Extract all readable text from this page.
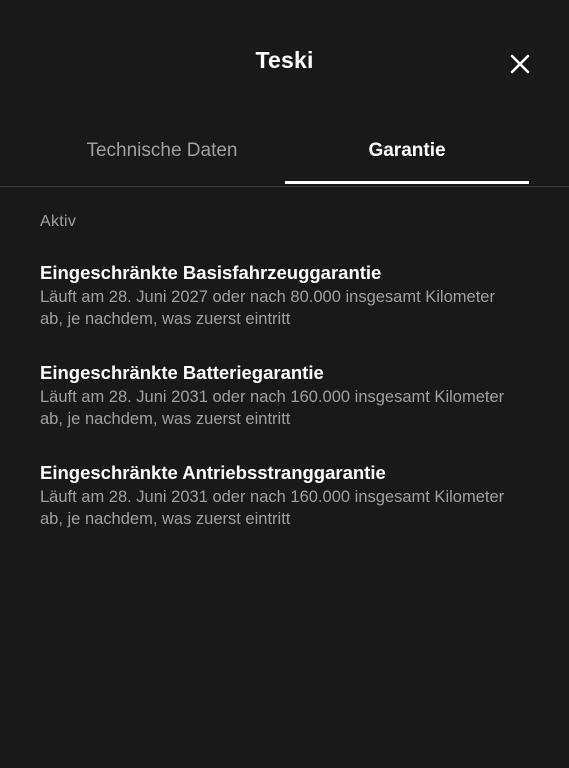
Teski
Technische Daten	Garantie
Aktiv
Eingeschränkte Basisfahrzeuggarantie
Läuft am 28. Juni 2027 oder nach 80.000 insgesamt Kilometer ab, je nachdem, was zuerst eintritt
Eingeschränkte Batteriegarantie
Läuft am 28. Juni 2031 oder nach 160.000 insgesamt Kilometer ab, je nachdem, was zuerst eintritt
Eingeschränkte Antriebsstranggarantie
Läuft am 28. Juni 2031 oder nach 160.000 insgesamt Kilometer ab, je nachdem, was zuerst eintritt
